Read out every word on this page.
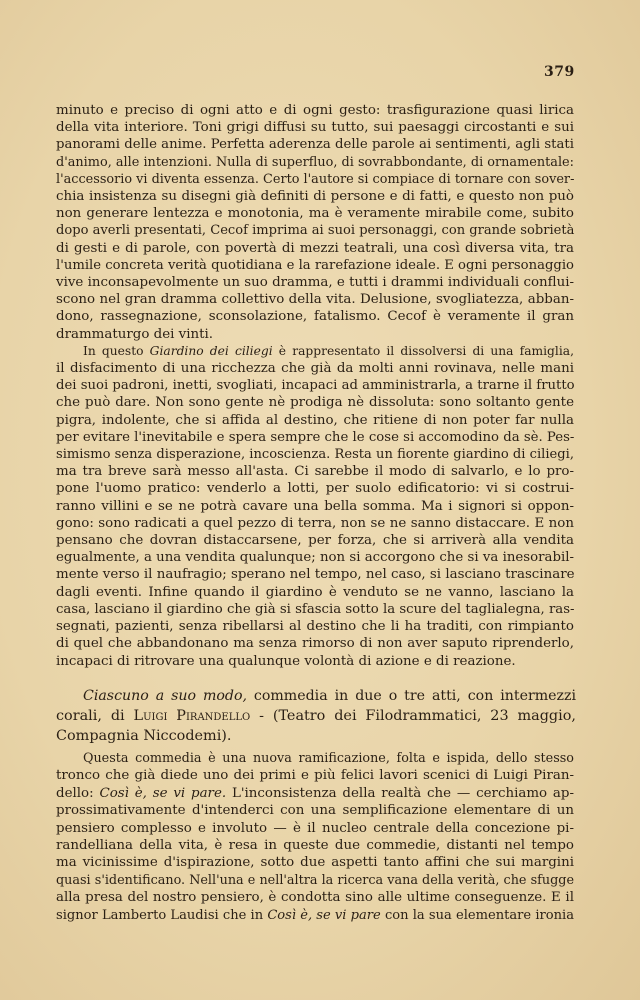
379
minuto e preciso di ogni atto e di ogni gesto: trasfigurazione quasi lirica
della vita interiore. Toni grigi diffusi su tutto, sui paesaggi circostanti e sui
panorami delle anime. Perfetta aderenza delle parole ai sentimenti, agli stati
d'animo, alle intenzioni. Nulla di superfluo, di sovrabbondante, di ornamentale:
l'accessorio vi diventa essenza. Certo l'autore si compiace di tornare con sover-
chia insistenza su disegni già definiti di persone e di fatti, e questo non può
non generare lentezza e monotonia, ma è veramente mirabile come, subito
dopo averli presentati, Cecof imprima ai suoi personaggi, con grande sobrietà
di gesti e di parole, con povertà di mezzi teatrali, una così diversa vita, tra
l'umile concreta verità quotidiana e la rarefazione ideale. E ogni personaggio
vive inconsapevolmente un suo dramma, e tutti i drammi individuali conflui-
scono nel gran dramma collettivo della vita. Delusione, svogliatezza, abban-
dono, rassegnazione, sconsolazione, fatalismo. Cecof è veramente il gran
drammaturgo dei vinti.
In questo Giardino dei ciliegi è rappresentato il dissolversi di una famiglia,
il disfacimento di una ricchezza che già da molti anni rovinava, nelle mani
dei suoi padroni, inetti, svogliati, incapaci ad amministrarla, a trarne il frutto
che può dare. Non sono gente nè prodiga nè dissoluta: sono soltanto gente
pigra, indolente, che si affida al destino, che ritiene di non poter far nulla
per evitare l'inevitabile e spera sempre che le cose si accomodino da sè. Pes-
simismo senza disperazione, incoscienza. Resta un fiorente giardino di ciliegi,
ma tra breve sarà messo all'asta. Ci sarebbe il modo di salvarlo, e lo pro-
pone l'uomo pratico: venderlo a lotti, per suolo edificatorio: vi si costrui-
ranno villini e se ne potrà cavare una bella somma. Ma i signori si oppon-
gono: sono radicati a quel pezzo di terra, non se ne sanno distaccare. E non
pensano che dovran distaccarsene, per forza, che si arriverà alla vendita
egualmente, a una vendita qualunque; non si accorgono che si va inesorabil-
mente verso il naufragio; sperano nel tempo, nel caso, si lasciano trascinare
dagli eventi. Infine quando il giardino è venduto se ne vanno, lasciano la
casa, lasciano il giardino che già si sfascia sotto la scure del taglialegna, ras-
segnati, pazienti, senza ribellarsi al destino che li ha traditi, con rimpianto
di quel che abbandonano ma senza rimorso di non aver saputo riprenderlo,
incapaci di ritrovare una qualunque volontà di azione e di reazione.
Ciascuno a suo modo, commedia in due o tre atti, con intermezzi
corali, di Luigi Pirandello - (Teatro dei Filodrammatici, 23 maggio,
Compagnia Niccodemi).
Questa commedia è una nuova ramificazione, folta e ispida, dello stesso
tronco che già diede uno dei primi e più felici lavori scenici di Luigi Piran-
dello: Così è, se vi pare. L'inconsistenza della realtà che — cerchiamo ap-
prossimativamente d'intenderci con una semplificazione elementare di un
pensiero complesso e involuto — è il nucleo centrale della concezione pi-
randelliana della vita, è resa in queste due commedie, distanti nel tempo
ma vicinissime d'ispirazione, sotto due aspetti tanto affini che sui margini
quasi s'identificano. Nell'una e nell'altra la ricerca vana della verità, che sfugge
alla presa del nostro pensiero, è condotta sino alle ultime conseguenze. E il
signor Lamberto Laudisi che in Così è, se vi pare con la sua elementare ironia
